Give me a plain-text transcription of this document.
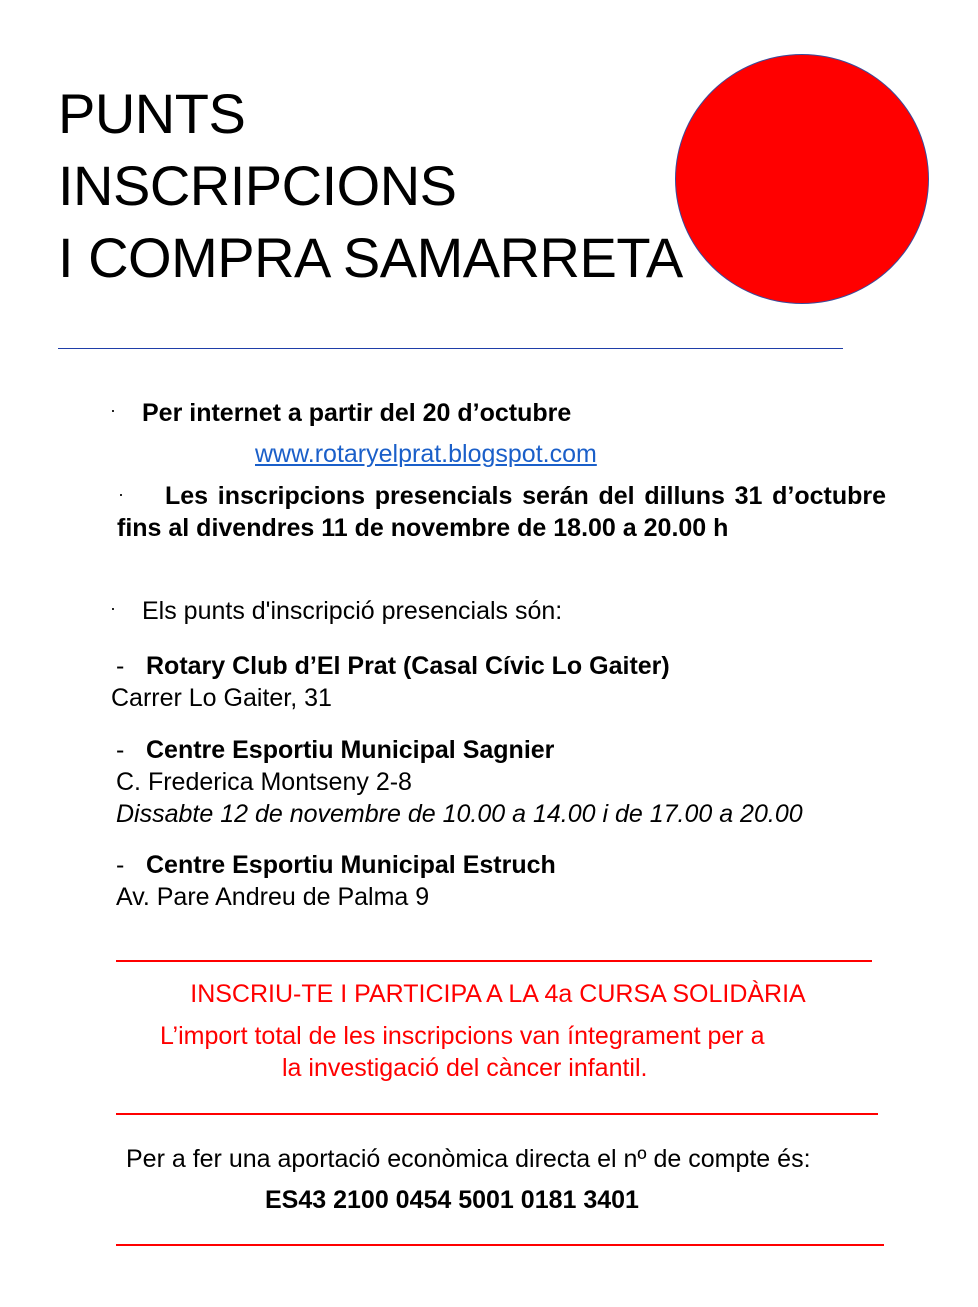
PUNTS
INSCRIPCIONS
I COMPRA SAMARRETA
· Per internet a partir del 20 d’octubre
www.rotaryelprat.blogspot.com
·	Les inscripcions presencials serán del dilluns 31 d’octubre fins al divendres 11 de novembre de 18.00 a 20.00 h
· Els punts d'inscripció presencials són:
- Rotary Club d’El Prat (Casal Cívic Lo Gaiter)
Carrer Lo Gaiter, 31
- Centre Esportiu Municipal Sagnier
C. Frederica Montseny 2-8
Dissabte 12 de novembre de 10.00 a 14.00 i de 17.00 a 20.00
- Centre Esportiu Municipal Estruch
Av. Pare Andreu de Palma 9
INSCRIU-TE I PARTICIPA A LA 4a CURSA SOLIDÀRIA
L’import total de les inscripcions van íntegrament per a
la investigació del càncer infantil.
Per a fer una aportació econòmica directa el nº de compte és:
ES43 2100 0454 5001 0181 3401
